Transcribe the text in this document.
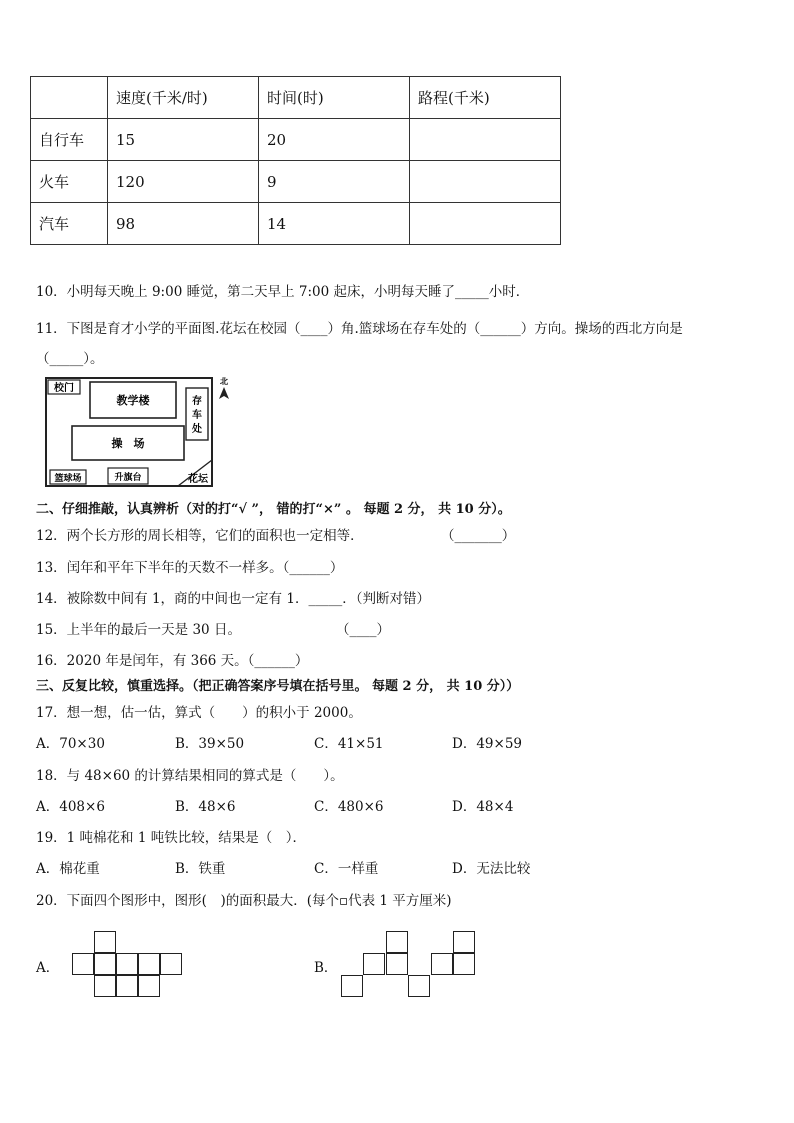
	速度(千米/时)	时间(时)	路程(千米)
自行车	15	20	
火车	120	9	
汽车	98	14	
10．小明每天晚上 9:00 睡觉，第二天早上 7:00 起床，小明每天睡了_____小时．
11．下图是育才小学的平面图.花坛在校园（____）角.篮球场在存车处的（______）方向。操场的西北方向是
（_____）。
校门
教学楼	存
车
处
操　场
篮球场	升旗台	花坛
北
二、仔细推敲，认真辨析（对的打“√ ”， 错的打“×” 。 每题 2 分， 共 10 分）。
12．两个长方形的周长相等，它们的面积也一定相等．	（_______）
13．闰年和平年下半年的天数不一样多。（______）
14．被除数中间有 1，商的中间也一定有 1．_____．（判断对错）
15．上半年的最后一天是 30 日。	（____）
16．2020 年是闰年，有 366 天。（______）
三、反复比较，慎重选择。（把正确答案序号填在括号里。 每题 2 分， 共 10 分））
17．想一想，估一估，算式（　　）的积小于 2000。
A．70×30	B．39×50	C．41×51	D．49×59
18．与 48×60 的计算结果相同的算式是（　　）。
A．408×6	B．48×6	C．480×6	D．48×4
19．1 吨棉花和 1 吨铁比较，结果是（　）．
A．棉花重	B．铁重	C．一样重	D．无法比较
20．下面四个图形中，图形(　)的面积最大．(每个▫代表 1 平方厘米)
A．	B．
